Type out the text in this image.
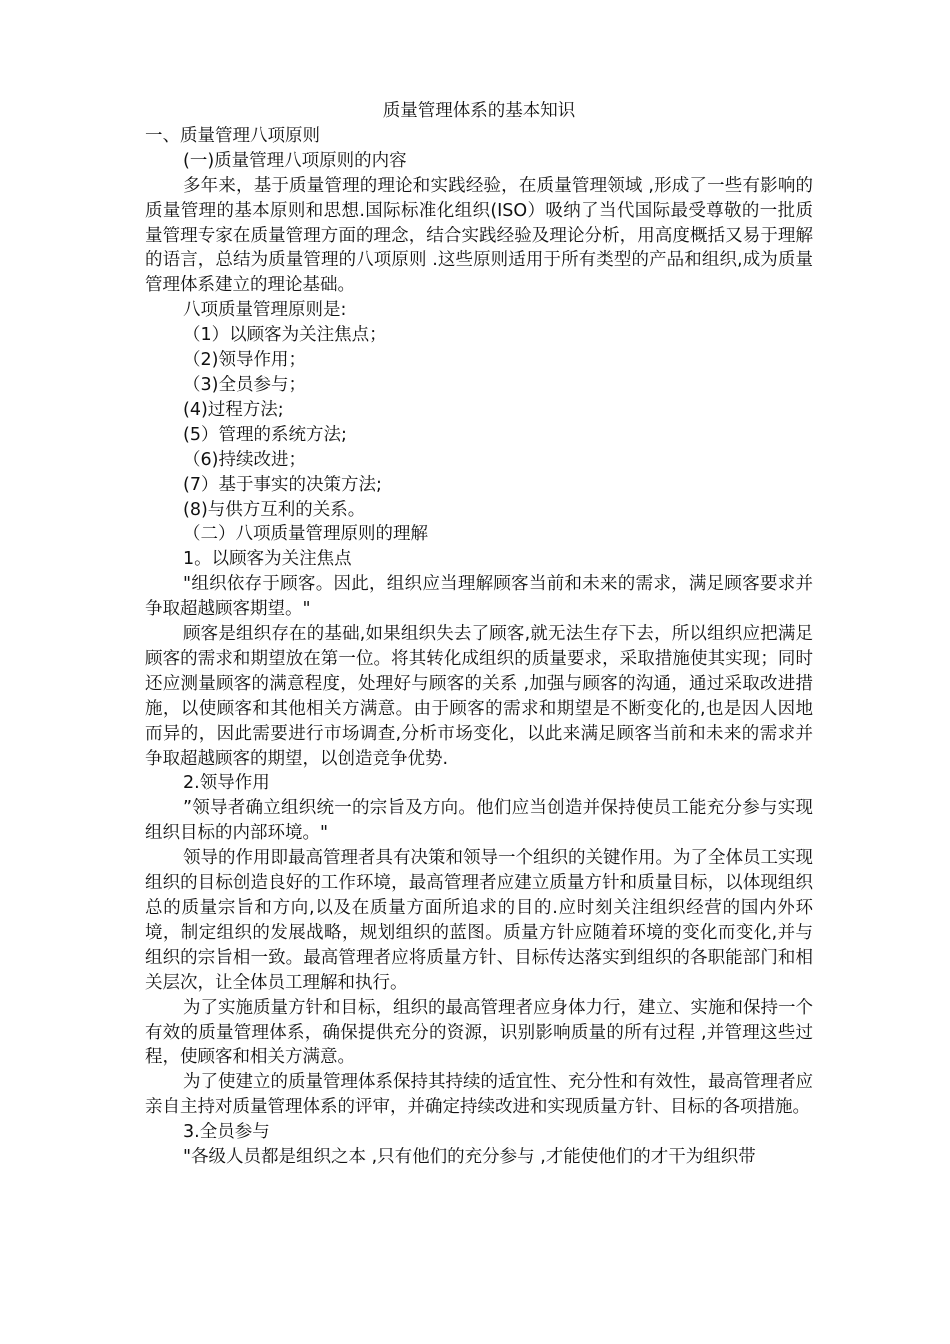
质量管理体系的基本知识

一、质量管理八项原则

(一)质量管理八项原则的内容

多年来，基于质量管理的理论和实践经验，在质量管理领域 ,形成了一些有影响的质量管理的基本原则和思想.国际标准化组织(ISO）吸纳了当代国际最受尊敬的一批质量管理专家在质量管理方面的理念，结合实践经验及理论分析，用高度概括又易于理解的语言，总结为质量管理的八项原则 .这些原则适用于所有类型的产品和组织,成为质量管理体系建立的理论基础。

八项质量管理原则是:

（1）以顾客为关注焦点；

（2)领导作用；

（3)全员参与；

(4)过程方法;

(5）管理的系统方法;

（6)持续改进；

(7）基于事实的决策方法;

(8)与供方互利的关系。

（二）八项质量管理原则的理解

1。以顾客为关注焦点

"组织依存于顾客。因此，组织应当理解顾客当前和未来的需求，满足顾客要求并争取超越顾客期望。"

顾客是组织存在的基础,如果组织失去了顾客,就无法生存下去，所以组织应把满足顾客的需求和期望放在第一位。将其转化成组织的质量要求，采取措施使其实现；同时还应测量顾客的满意程度，处理好与顾客的关系 ,加强与顾客的沟通，通过采取改进措施，以使顾客和其他相关方满意。由于顾客的需求和期望是不断变化的,也是因人因地而异的，因此需要进行市场调查,分析市场变化，以此来满足顾客当前和未来的需求并争取超越顾客的期望，以创造竞争优势.

2.领导作用

”领导者确立组织统一的宗旨及方向。他们应当创造并保持使员工能充分参与实现组织目标的内部环境。"

领导的作用即最高管理者具有决策和领导一个组织的关键作用。为了全体员工实现组织的目标创造良好的工作环境，最高管理者应建立质量方针和质量目标，以体现组织总的质量宗旨和方向,以及在质量方面所追求的目的.应时刻关注组织经营的国内外环境，制定组织的发展战略，规划组织的蓝图。质量方针应随着环境的变化而变化,并与组织的宗旨相一致。最高管理者应将质量方针、目标传达落实到组织的各职能部门和相关层次，让全体员工理解和执行。

为了实施质量方针和目标，组织的最高管理者应身体力行，建立、实施和保持一个有效的质量管理体系，确保提供充分的资源，识别影响质量的所有过程 ,并管理这些过程，使顾客和相关方满意。

为了使建立的质量管理体系保持其持续的适宜性、充分性和有效性，最高管理者应亲自主持对质量管理体系的评审，并确定持续改进和实现质量方针、目标的各项措施。

3.全员参与

"各级人员都是组织之本 ,只有他们的充分参与 ,才能使他们的才干为组织带
